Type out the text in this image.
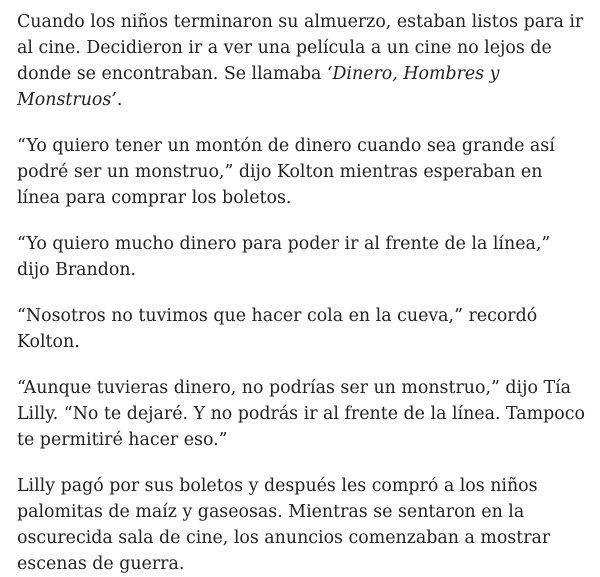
Cuando los niños terminaron su almuerzo, estaban listos para ir al cine. Decidieron ir a ver una película a un cine no lejos de donde se encontraban. Se llamaba ‘Dinero, Hombres y Monstruos’.

“Yo quiero tener un montón de dinero cuando sea grande así podré ser un monstruo,” dijo Kolton mientras esperaban en línea para comprar los boletos.

“Yo quiero mucho dinero para poder ir al frente de la línea,” dijo Brandon.

“Nosotros no tuvimos que hacer cola en la cueva,” recordó Kolton.

“Aunque tuvieras dinero, no podrías ser un monstruo,” dijo Tía Lilly. “No te dejaré. Y no podrás ir al frente de la línea. Tampoco te permitiré hacer eso.”

Lilly pagó por sus boletos y después les compró a los niños palomitas de maíz y gaseosas. Mientras se sentaron en la oscurecida sala de cine, los anuncios comenzaban a mostrar escenas de guerra.
